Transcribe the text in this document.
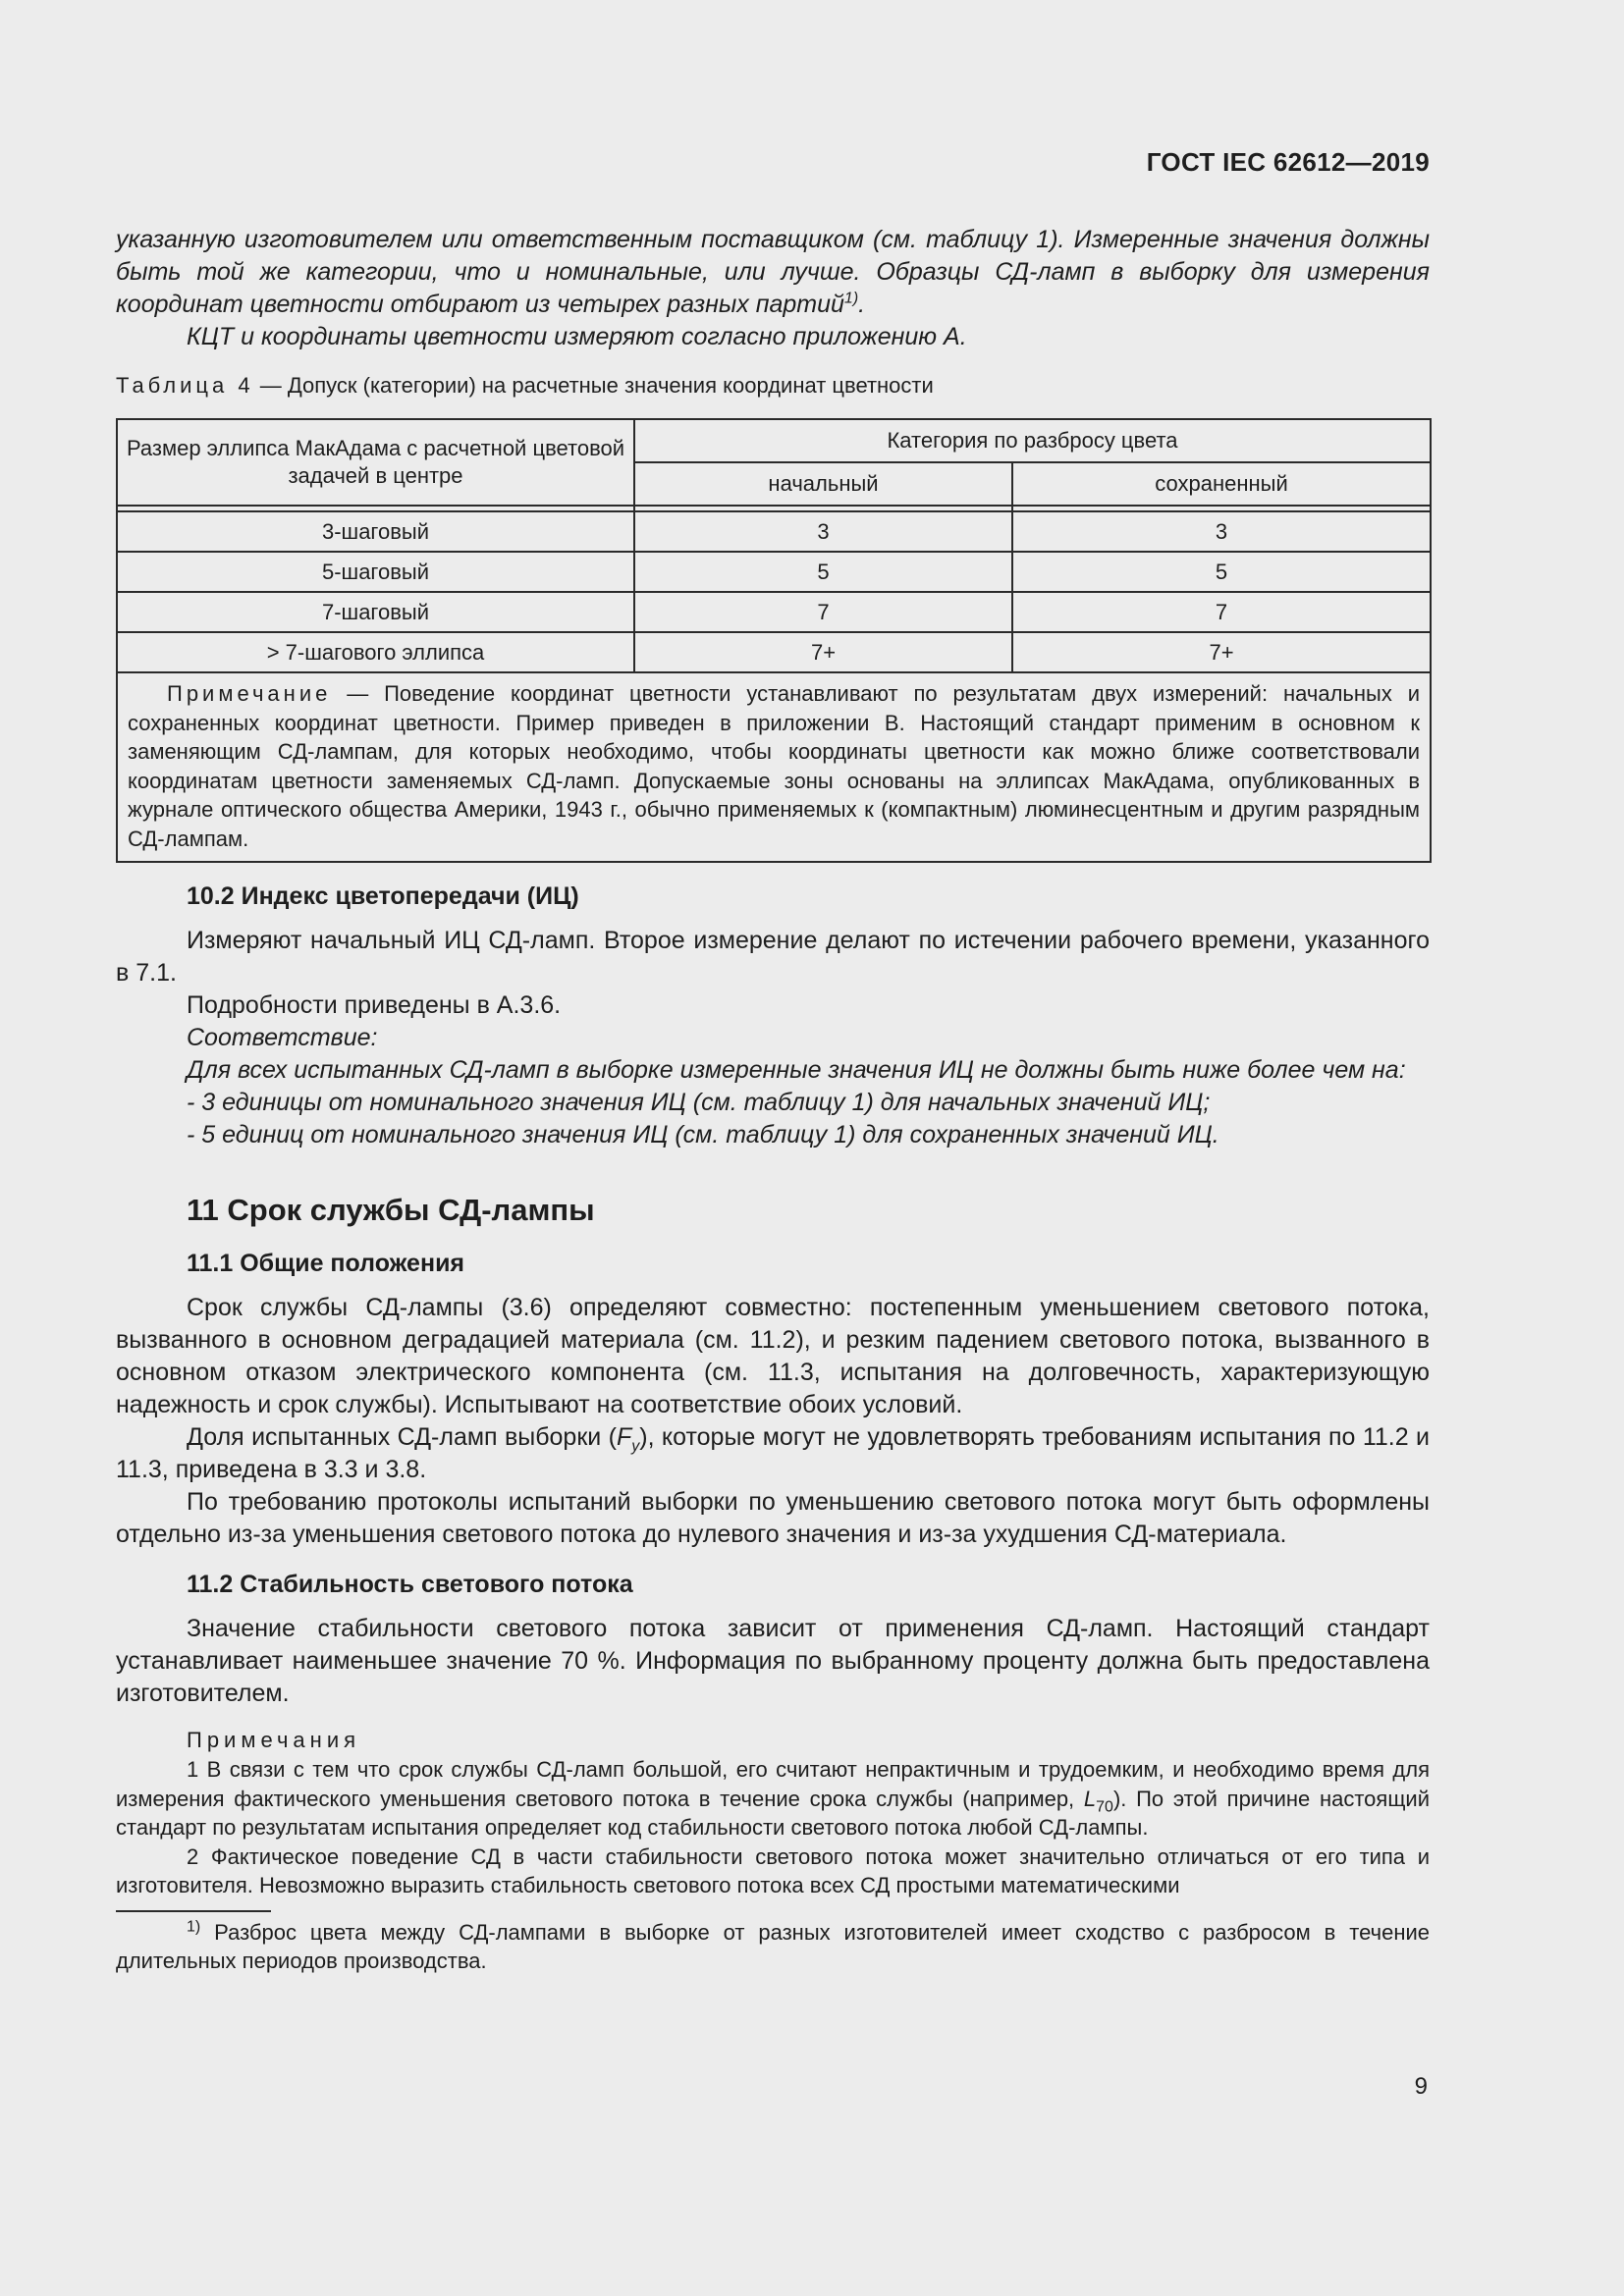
ГОСТ IEC 62612—2019

указанную изготовителем или ответственным поставщиком (см. таблицу 1). Измеренные значения должны быть той же категории, что и номинальные, или лучше. Образцы СД-ламп в выборку для измерения координат цветности отбирают из четырех разных партий$^{1)}$.

КЦТ и координаты цветности измеряют согласно приложению А.

Таблица 4 — Допуск (категории) на расчетные значения координат цветности
Размер эллипса МакАдама с расчетной цветовой задачей в центре	Категория по разбросу цвета	
	начальный	сохраненный

3-шаговый	3	3
5-шаговый	5	5
7-шаговый	7	7
> 7-шагового эллипса	7+	7+
Примечание — Поведение координат цветности устанавливают по результатам двух измерений: начальных и сохраненных координат цветности. Пример приведен в приложении В. Настоящий стандарт применим в основном к заменяющим СД-лампам, для которых необходимо, чтобы координаты цветности как можно ближе соответствовали координатам цветности заменяемых СД-ламп. Допускаемые зоны основаны на эллипсах МакАдама, опубликованных в журнале оптического общества Америки, 1943 г., обычно применяемых к (компактным) люминесцентным и другим разрядным СД-лампам.		
10.2 Индекс цветопередачи (ИЦ)

Измеряют начальный ИЦ СД-ламп. Второе измерение делают по истечении рабочего времени, указанного в 7.1.

Подробности приведены в А.3.6.

Соответствие:

Для всех испытанных СД-ламп в выборке измеренные значения ИЦ не должны быть ниже более чем на:

- 3 единицы от номинального значения ИЦ (см. таблицу 1) для начальных значений ИЦ;

- 5 единиц от номинального значения ИЦ (см. таблицу 1) для сохраненных значений ИЦ.

11 Срок службы СД-лампы
11.1 Общие положения

Срок службы СД-лампы (3.6) определяют совместно: постепенным уменьшением светового потока, вызванного в основном деградацией материала (см. 11.2), и резким падением светового потока, вызванного в основном отказом электрического компонента (см. 11.3, испытания на долговечность, характеризующую надежность и срок службы). Испытывают на соответствие обоих условий.

Доля испытанных СД-ламп выборки $(F_y)$, которые могут не удовлетворять требованиям испытания по 11.2 и 11.3, приведена в 3.3 и 3.8.

По требованию протоколы испытаний выборки по уменьшению светового потока могут быть оформлены отдельно из-за уменьшения светового потока до нулевого значения и из-за ухудшения СД-материала.

11.2 Стабильность светового потока

Значение стабильности светового потока зависит от применения СД-ламп. Настоящий стандарт устанавливает наименьшее значение 70 %. Информация по выбранному проценту должна быть предоставлена изготовителем.

Примечания

1 В связи с тем что срок службы СД-ламп большой, его считают непрактичным и трудоемким, и необходимо время для измерения фактического уменьшения светового потока в течение срока службы (например, $L_{70}$). По этой причине настоящий стандарт по результатам испытания определяет код стабильности светового потока любой СД-лампы.

2 Фактическое поведение СД в части стабильности светового потока может значительно отличаться от его типа и изготовителя. Невозможно выразить стабильность светового потока всех СД простыми математическими

$^{1)}$ Разброс цвета между СД-лампами в выборке от разных изготовителей имеет сходство с разбросом в течение длительных периодов производства.

9
